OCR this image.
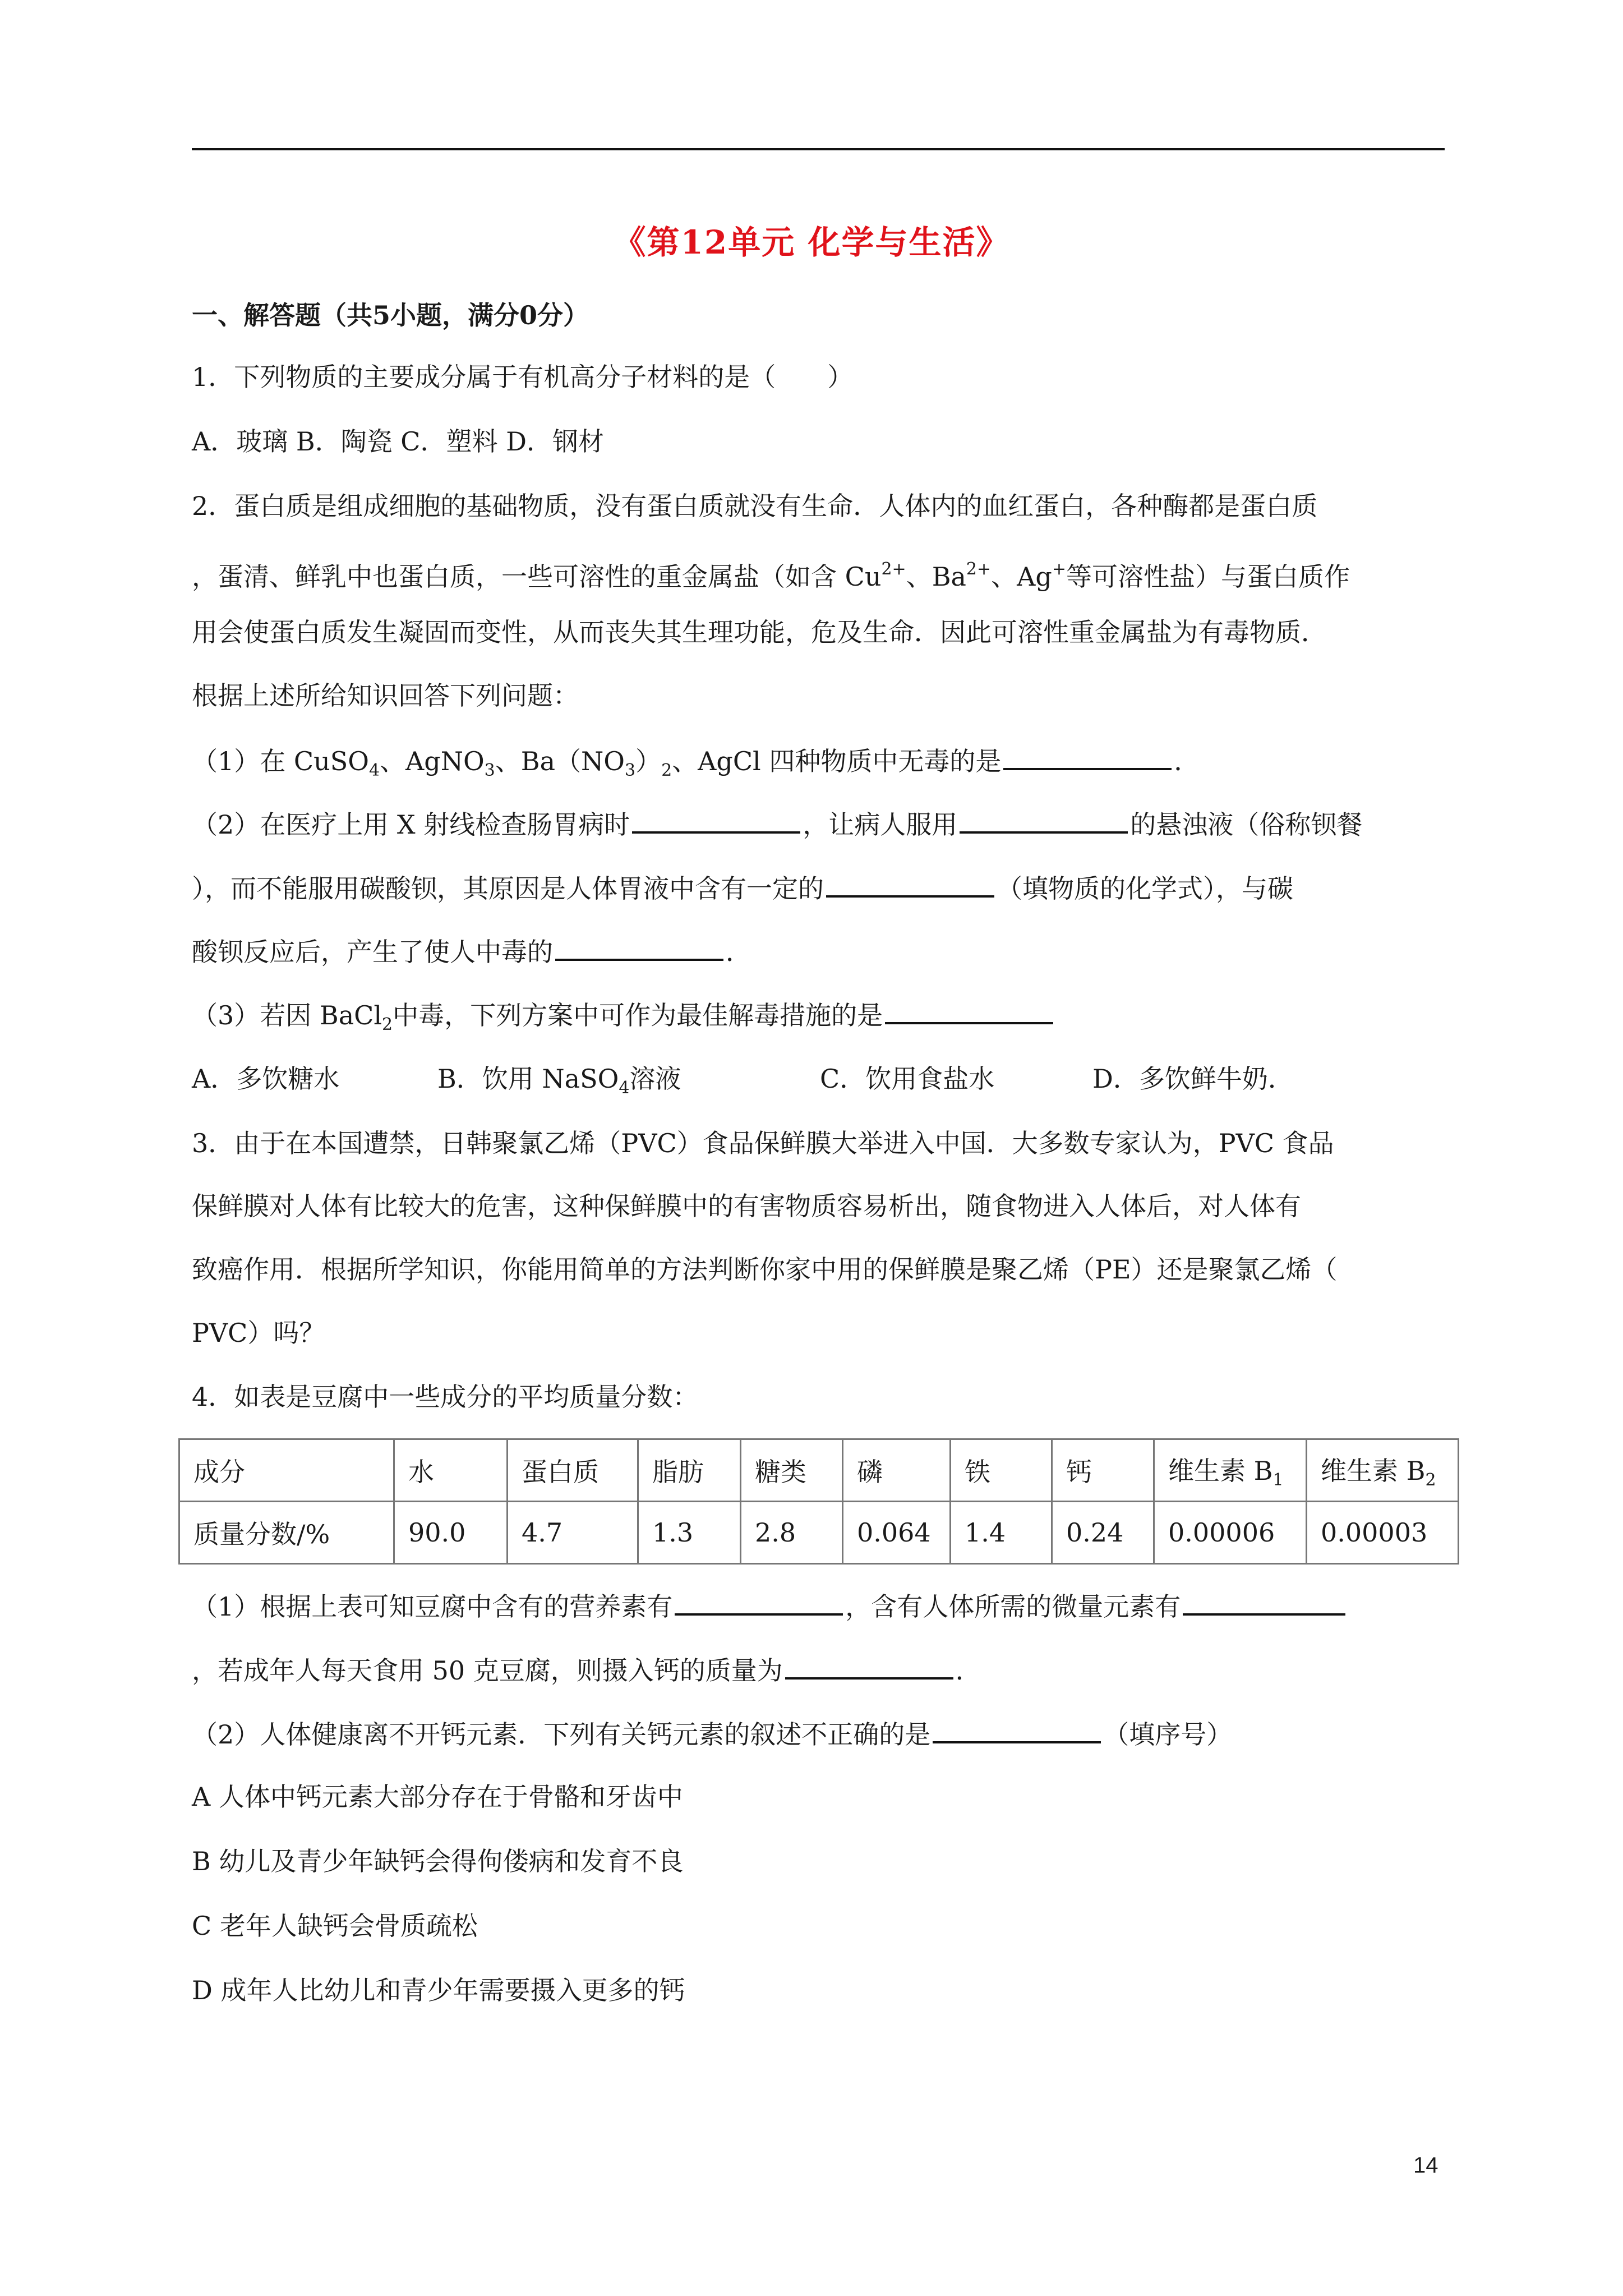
《第12单元 化学与生活》
一、解答题（共5小题，满分0分）
1．下列物质的主要成分属于有机高分子材料的是（　　）
A．玻璃 B．陶瓷 C．塑料 D．钢材
2．蛋白质是组成细胞的基础物质，没有蛋白质就没有生命．人体内的血红蛋白，各种酶都是蛋白质
，蛋清、鲜乳中也蛋白质，一些可溶性的重金属盐（如含 $Cu^{2+}$、$Ba^{2+}$、Ag+等可溶性盐）与蛋白质作
用会使蛋白质发生凝固而变性，从而丧失其生理功能，危及生命．因此可溶性重金属盐为有毒物质．
根据上述所给知识回答下列问题：
（1）在 CuSO$_4$、AgNO$_3$、$Ba(NO_3)_2$、AgCl 四种物质中无毒的是	．
（2）在医疗上用 X 射线检查肠胃病时	，让病人服用	的悬浊液（俗称钡餐
），而不能服用碳酸钡，其原因是人体胃液中含有一定的	（填物质的化学式），与碳
酸钡反应后，产生了使人中毒的	．
（3）若因 BaCl$_2$中毒，下列方案中可作为最佳解毒措施的是
A．多饮糖水	B．饮用 NaSO$_4$溶液	C．饮用食盐水	D．多饮鲜牛奶．
3．由于在本国遭禁，日韩聚氯乙烯（PVC）食品保鲜膜大举进入中国．大多数专家认为，PVC 食品
保鲜膜对人体有比较大的危害，这种保鲜膜中的有害物质容易析出，随食物进入人体后，对人体有
致癌作用．根据所学知识，你能用简单的方法判断你家中用的保鲜膜是聚乙烯（PE）还是聚氯乙烯（
PVC）吗？
4．如表是豆腐中一些成分的平均质量分数：
成分	水	蛋白质	脂肪	糖类	磷	铁	钙	维生素 $B_1$	维生素 $B_2$
质量分数/%	90.0	4.7	1.3	2.8	0.064	1.4	0.24	0.00006	0.00003
（1）根据上表可知豆腐中含有的营养素有	，含有人体所需的微量元素有
，若成年人每天食用 50 克豆腐，则摄入钙的质量为	．
（2）人体健康离不开钙元素．下列有关钙元素的叙述不正确的是	（填序号）
A 人体中钙元素大部分存在于骨骼和牙齿中
B 幼儿及青少年缺钙会得佝偻病和发育不良
C 老年人缺钙会骨质疏松
D 成年人比幼儿和青少年需要摄入更多的钙
14
